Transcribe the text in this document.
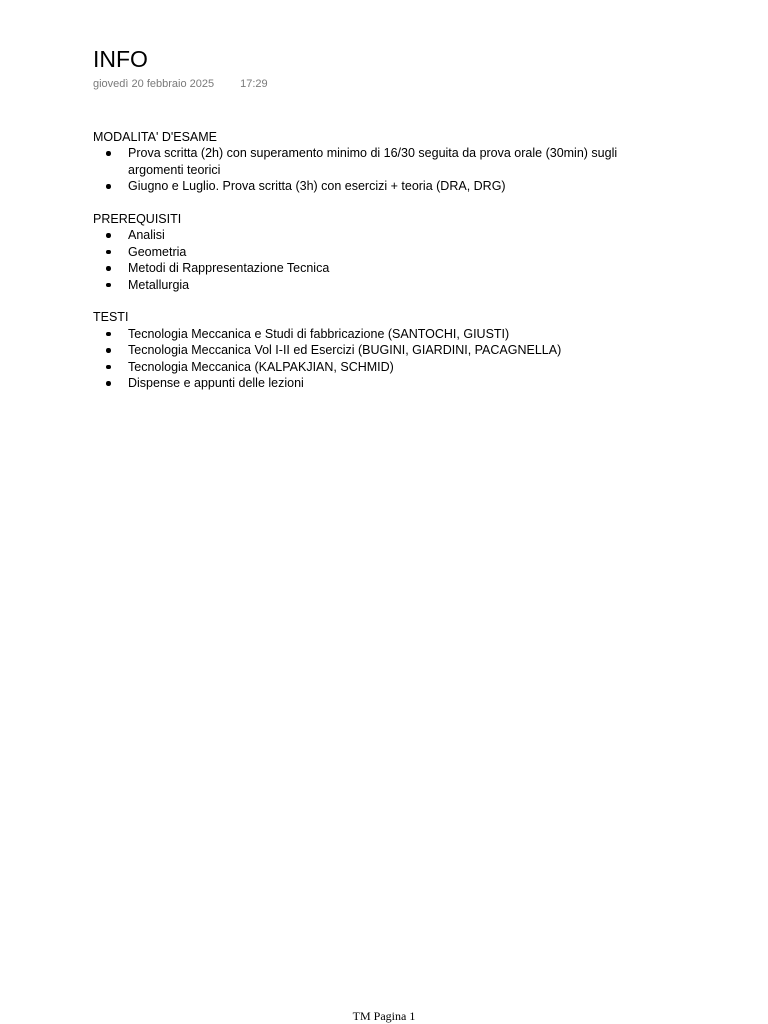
INFO
giovedì 20 febbraio 2025 17:29

MODALITA' D'ESAME

Prova scritta (2h) con superamento minimo di 16/30 seguita da prova orale (30min) sugli argomenti teorici
Giugno e Luglio. Prova scritta (3h) con esercizi + teoria (DRA, DRG)

PREREQUISITI

Analisi
Geometria
Metodi di Rappresentazione Tecnica
Metallurgia

TESTI

Tecnologia Meccanica e Studi di fabbricazione (SANTOCHI, GIUSTI)
Tecnologia Meccanica Vol I-II ed Esercizi (BUGINI, GIARDINI, PACAGNELLA)
Tecnologia Meccanica (KALPAKJIAN, SCHMID)
Dispense e appunti delle lezioni
TM Pagina 1
